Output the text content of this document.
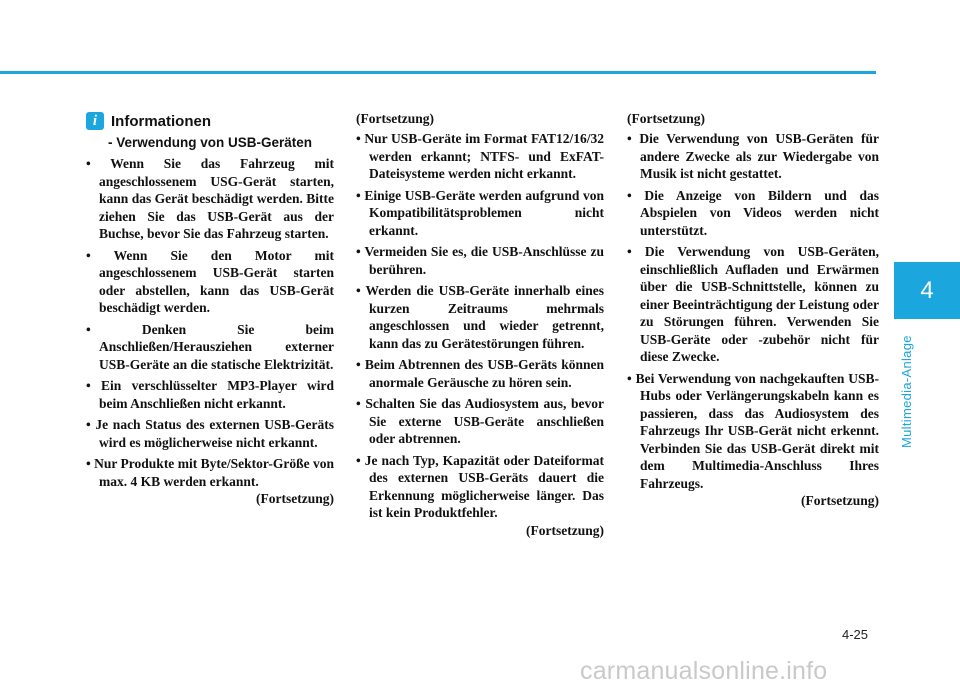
4
Multimedia-Anlage
i Informationen
- Verwendung von USB-Geräten
• Wenn Sie das Fahrzeug mit angeschlossenem USG-Gerät starten, kann das Gerät beschädigt werden. Bitte ziehen Sie das USB-Gerät aus der Buchse, bevor Sie das Fahrzeug starten.
• Wenn Sie den Motor mit angeschlossenem USB-Gerät starten oder abstellen, kann das USB-Gerät beschädigt werden.
• Denken Sie beim Anschließen/Herausziehen externer USB-Geräte an die statische Elektrizität.
• Ein verschlüsselter MP3-Player wird beim Anschließen nicht erkannt.
• Je nach Status des externen USB-Geräts wird es möglicherweise nicht erkannt.
• Nur Produkte mit Byte/Sektor-Größe von max. 4 KB werden erkannt.
(Fortsetzung)
(Fortsetzung)
• Nur USB-Geräte im Format FAT12/16/32 werden erkannt; NTFS- und ExFAT-Dateisysteme werden nicht erkannt.
• Einige USB-Geräte werden aufgrund von Kompatibilitätsproblemen nicht erkannt.
• Vermeiden Sie es, die USB-Anschlüsse zu berühren.
• Werden die USB-Geräte innerhalb eines kurzen Zeitraums mehrmals angeschlossen und wieder getrennt, kann das zu Gerätestörungen führen.
• Beim Abtrennen des USB-Geräts können anormale Geräusche zu hören sein.
• Schalten Sie das Audiosystem aus, bevor Sie externe USB-Geräte anschließen oder abtrennen.
• Je nach Typ, Kapazität oder Dateiformat des externen USB-Geräts dauert die Erkennung möglicherweise länger. Das ist kein Produktfehler.
(Fortsetzung)
(Fortsetzung)
• Die Verwendung von USB-Geräten für andere Zwecke als zur Wiedergabe von Musik ist nicht gestattet.
• Die Anzeige von Bildern und das Abspielen von Videos werden nicht unterstützt.
• Die Verwendung von USB-Geräten, einschließlich Aufladen und Erwärmen über die USB-Schnittstelle, können zu einer Beeinträchtigung der Leistung oder zu Störungen führen. Verwenden Sie USB-Geräte oder -zubehör nicht für diese Zwecke.
• Bei Verwendung von nachgekauften USB-Hubs oder Verlängerungskabeln kann es passieren, dass das Audiosystem des Fahrzeugs Ihr USB-Gerät nicht erkennt. Verbinden Sie das USB-Gerät direkt mit dem Multimedia-Anschluss Ihres Fahrzeugs.
(Fortsetzung)
4-25
carmanualsonline.info
